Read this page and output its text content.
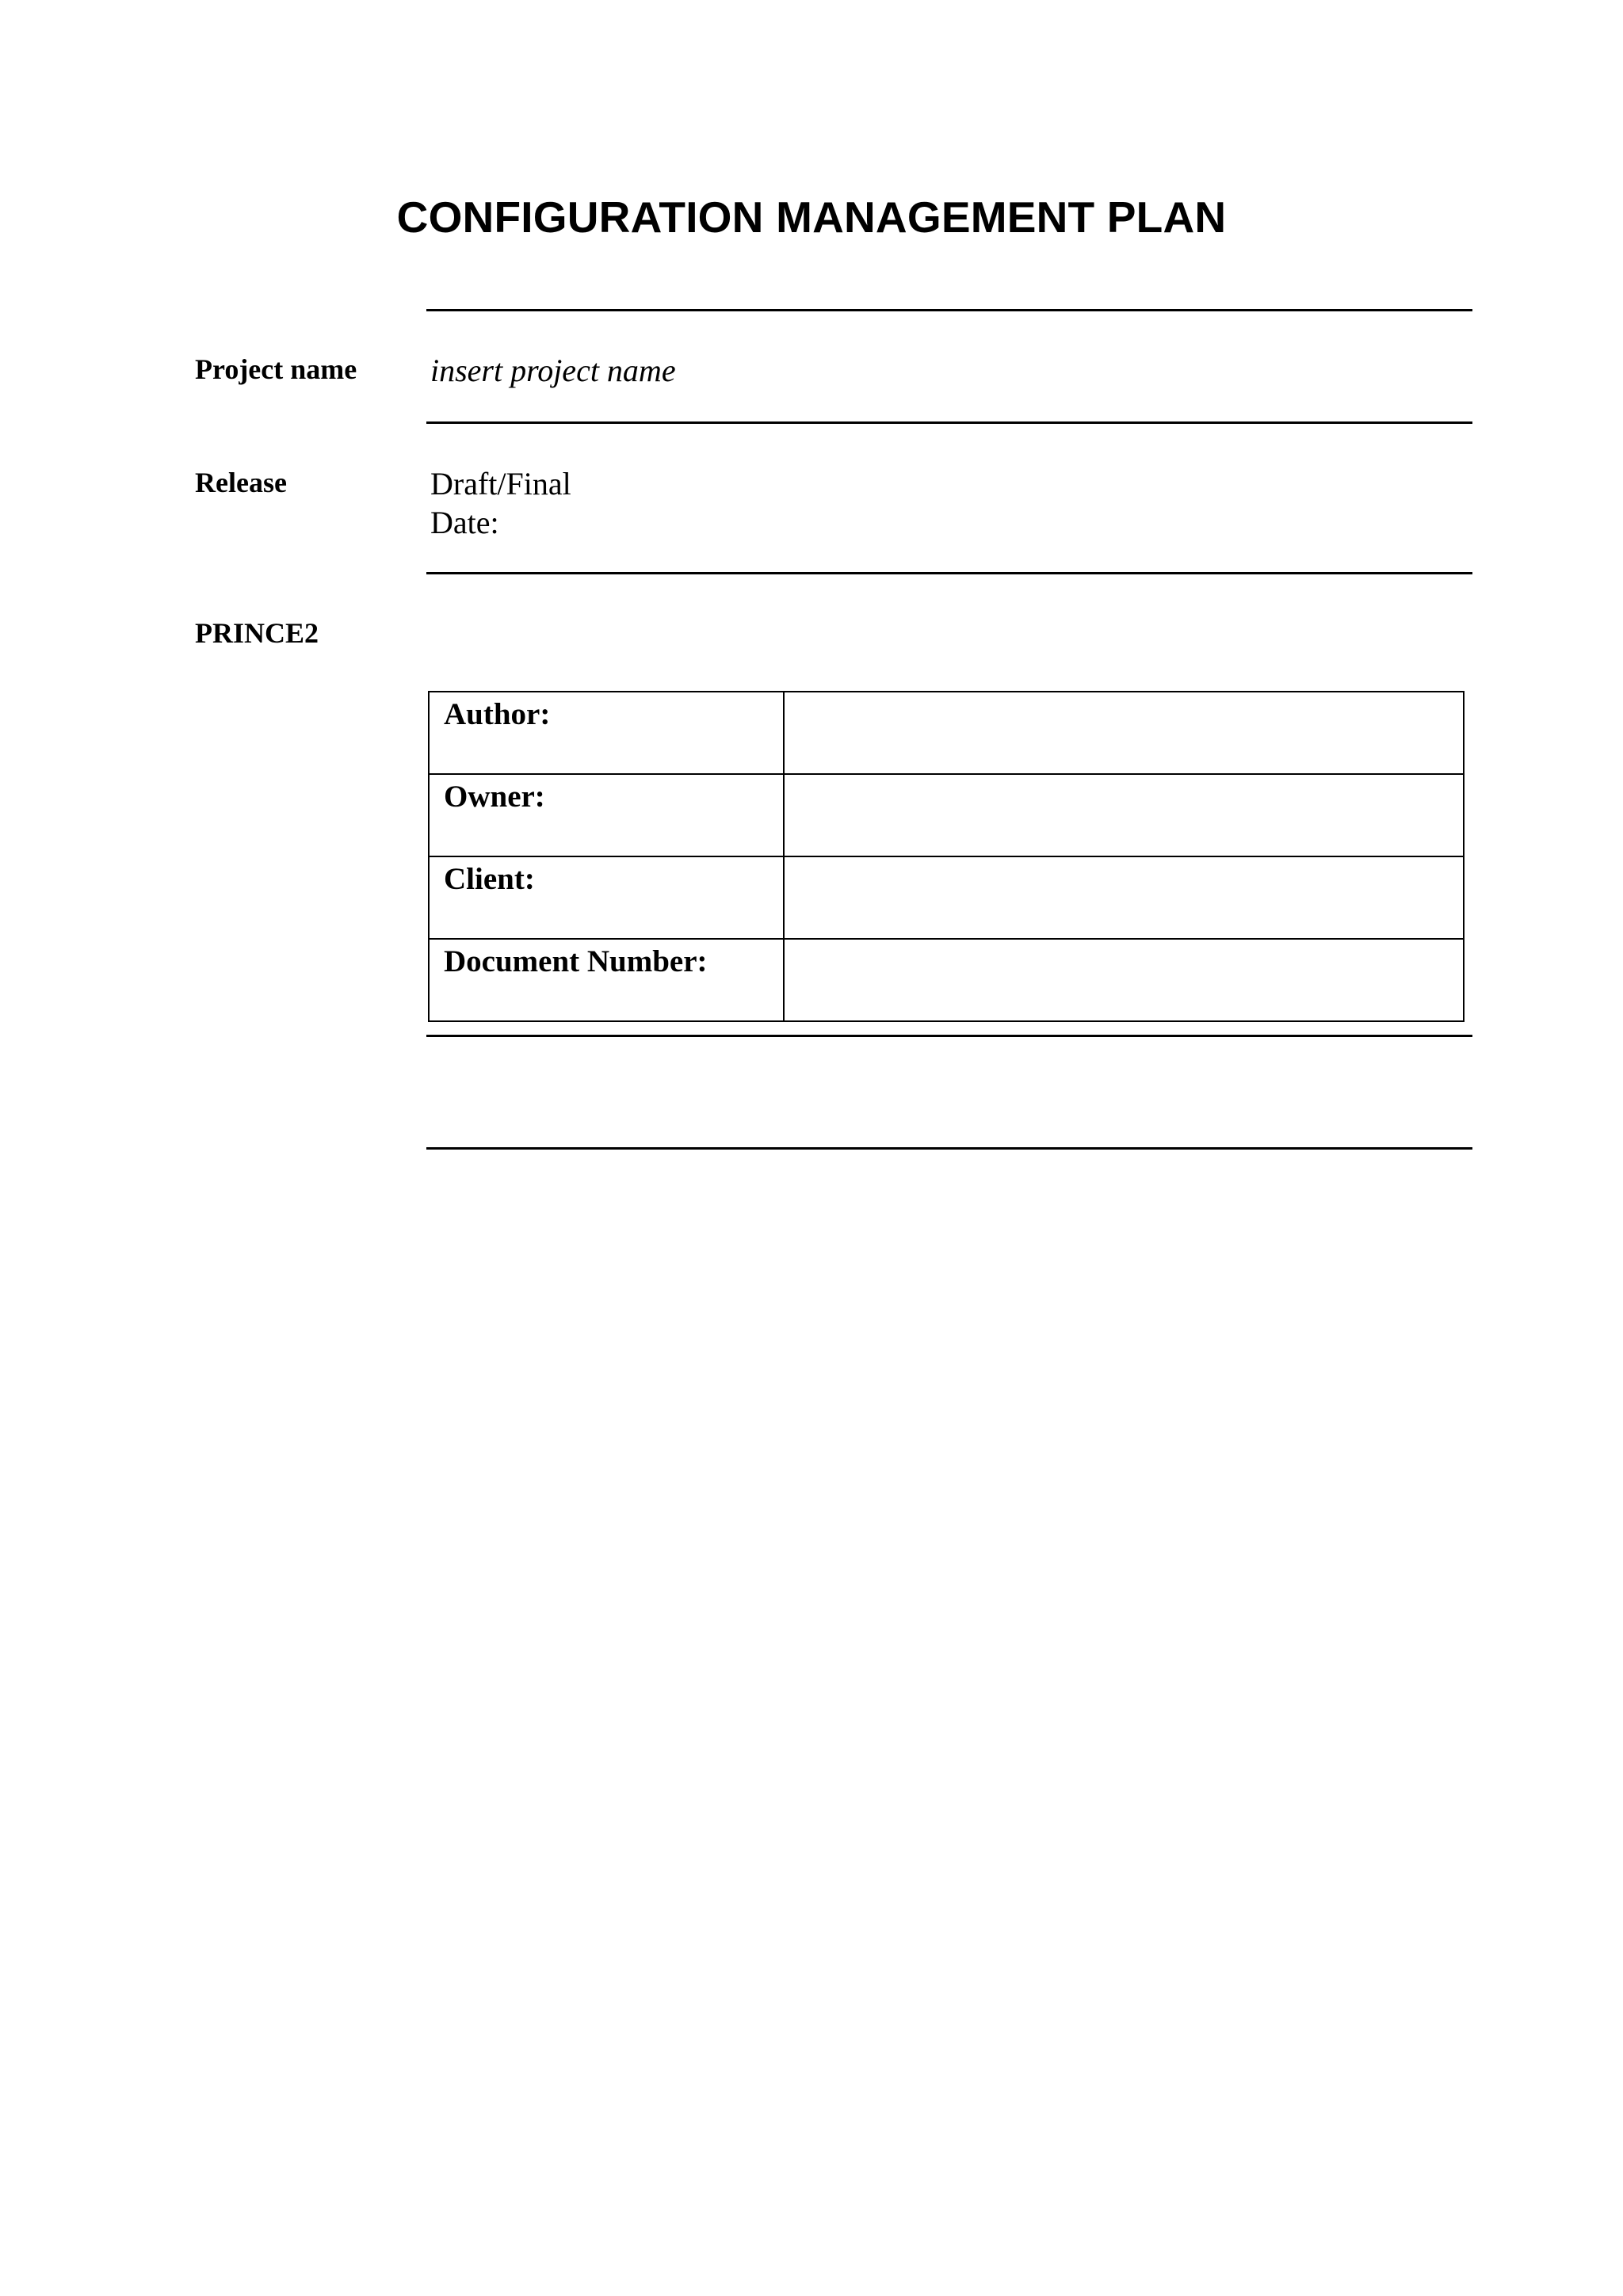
CONFIGURATION MANAGEMENT PLAN
Project name insert project name
Release	Draft/Final
Date:
PRINCE2
Author:	
Owner:	
Client:	
Document Number:	
